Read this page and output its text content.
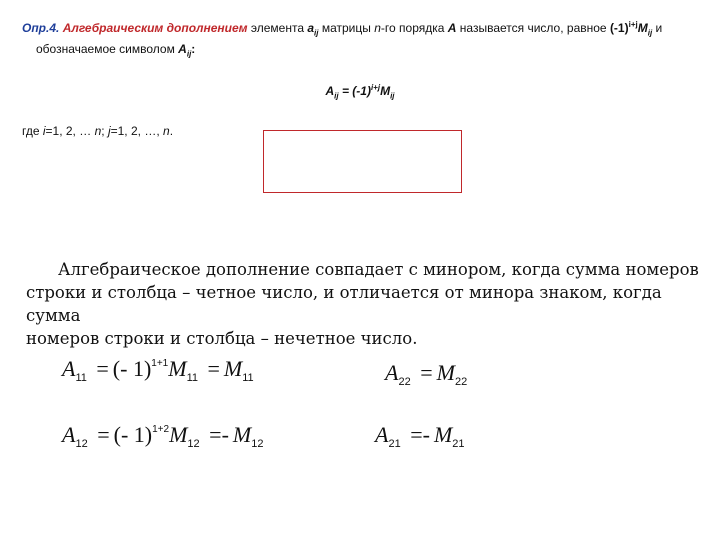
Опр.4. Алгебраическим дополнением элемента $a_{ij}$ матрицы n-го порядка A называется число, равное $(-1)^{i+j}M_{ij}$ и
обозначаемое символом $A_{ij}$:
$A_{ij} = (-1)^{i+j}M_{ij}$
где i=1, 2, … n; j=1, 2, …, n.
Алгебраическое дополнение совпадает с минором, когда сумма номеров
строки и столбца – четное число, и отличается от минора знаком, когда сумма
номеров строки и столбца – нечетное число.
$A_{11}$ = (- $1)^{1+1}M_{11} = M_{11}$	$A_{22} = M_{22}$
$A_{12}$ = (- $1)^{1+2}M_{12} =- M_{12}$	$A_{21} =- M_{21}$
